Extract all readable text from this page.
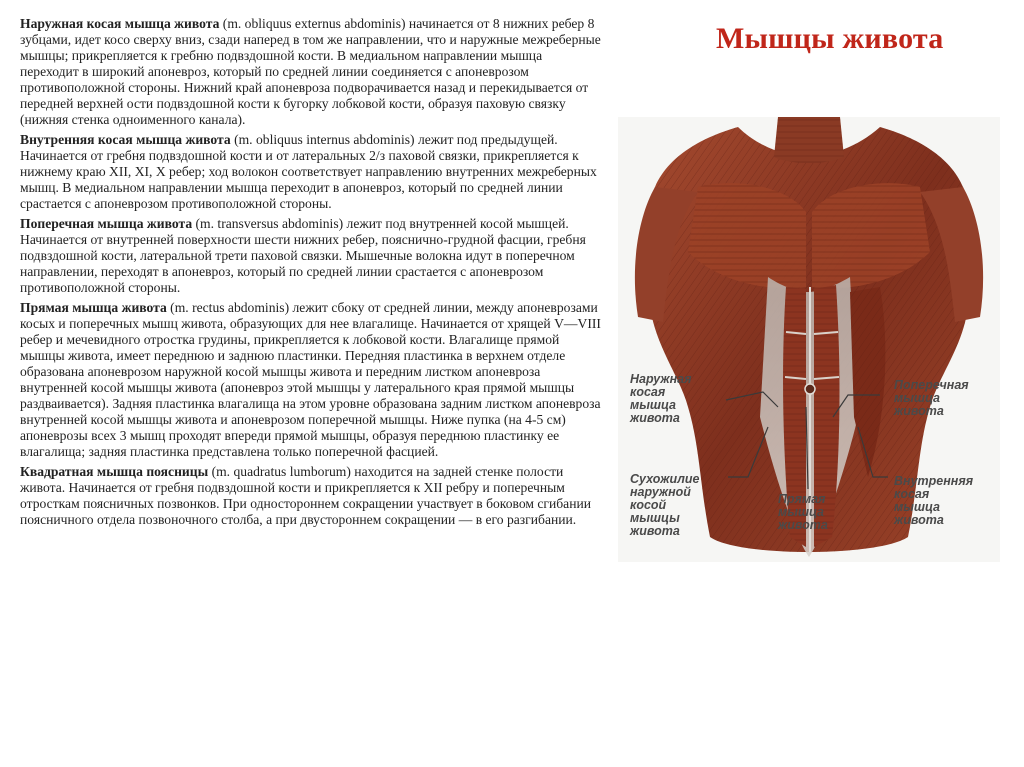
Наружная косая мышца живота (m. obliquus externus abdominis) начинается от 8 нижних ребер 8 зубцами, идет косо сверху вниз, сзади наперед в том же направлении, что и наружные межреберные мышцы; прикрепляется к гребню подвздошной кости. В медиальном направлении мышца переходит в широкий апоневроз, который по средней линии соединяется с апоневрозом противоположной стороны. Нижний край апоневроза подворачивается назад и перекидывается от передней верхней ости подвздошной кости к бугорку лобковой кости, образуя паховую связку (нижняя стенка одноименного канала).

Внутренняя косая мышца живота (m. obliquus internus abdominis) лежит под предыдущей. Начинается от гребня подвздошной кости и от латеральных 2/з паховой связки, прикрепляется к нижнему краю XII, XI, X ребер; ход волокон соответствует направлению внутренних межреберных мышц. В медиальном направлении мышца переходит в апоневроз, который по средней линии срастается с апоневрозом противоположной стороны.

Поперечная мышца живота (m. transversus abdominis) лежит под внутренней косой мышцей. Начинается от внутренней поверхности шести нижних ребер, пояснично-грудной фасции, гребня подвздошной кости, латеральной трети паховой связки. Мышечные волокна идут в поперечном направлении, переходят в апоневроз, который по средней линии срастается с апоневрозом противоположной стороны.

Прямая мышца живота (m. rectus abdominis) лежит сбоку от средней линии, между апоневрозами косых и поперечных мышц живота, образующих для нее влагалище. Начинается от хрящей V—VIII ребер и мечевидного отростка грудины, прикрепляется к лобковой кости. Влагалище прямой мышцы живота, имеет переднюю и заднюю пластинки. Передняя пластинка в верхнем отделе образована апоневрозом наружной косой мышцы живота и передним листком апоневроза внутренней косой мышцы живота (апоневроз этой мышцы у латерального края прямой мышцы раздваивается). Задняя пластинка влагалища на этом уровне образована задним листком апоневроза внутренней косой мышцы живота и апоневрозом поперечной мышцы. Ниже пупка (на 4-5 см) апоневрозы всех 3 мышц проходят впереди прямой мышцы, образуя переднюю пластинку ее влагалища; задняя пластинка представлена только поперечной фасцией.

Квадратная мышца поясницы (m. quadratus lumborum) находится на задней стенке полости живота. Начинается от гребня подвздошной кости и прикрепляется к XII ребру и поперечным отросткам поясничных позвонков. При одностороннем сокращении участвует в боковом сгибании поясничного отдела позвоночного столба, а при двустороннем сокращении — в его разгибании.

Мышцы живота
Наружная
косая
мышца
живота
Поперечная
мышца
живота
Сухожилие
наружной
косой
мышцы
живота
Прямая
мышца
живота
Внутренняя
косая
мышца
живота
